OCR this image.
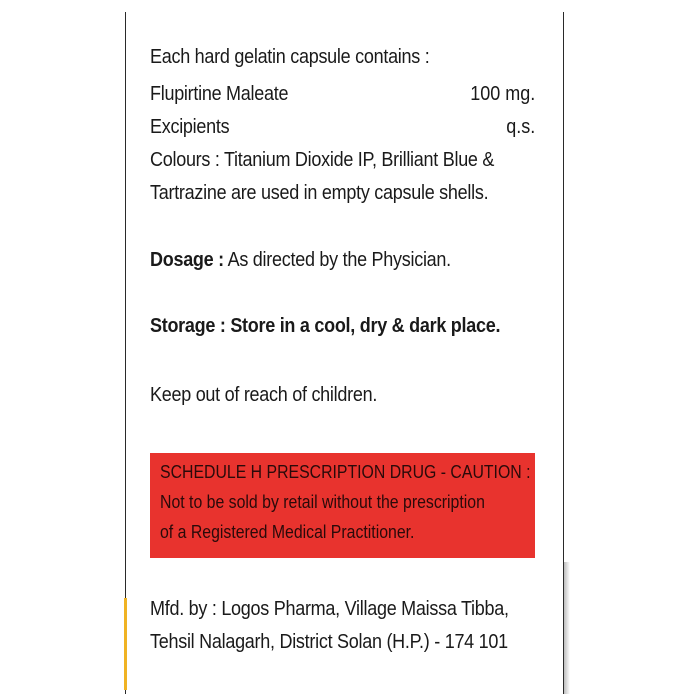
Each hard gelatin capsule contains :
Flupirtine Maleate	100 mg.
Excipients	q.s.
Colours : Titanium Dioxide IP, Brilliant Blue &
Tartrazine are used in empty capsule shells.
Dosage : As directed by the Physician.
Storage : Store in a cool, dry & dark place.
Keep out of reach of children.
SCHEDULE H PRESCRIPTION DRUG - CAUTION :
Not to be sold by retail without the prescription
of a Registered Medical Practitioner.
Mfd. by : Logos Pharma, Village Maissa Tibba,
Tehsil Nalagarh, District Solan (H.P.) - 174 101
